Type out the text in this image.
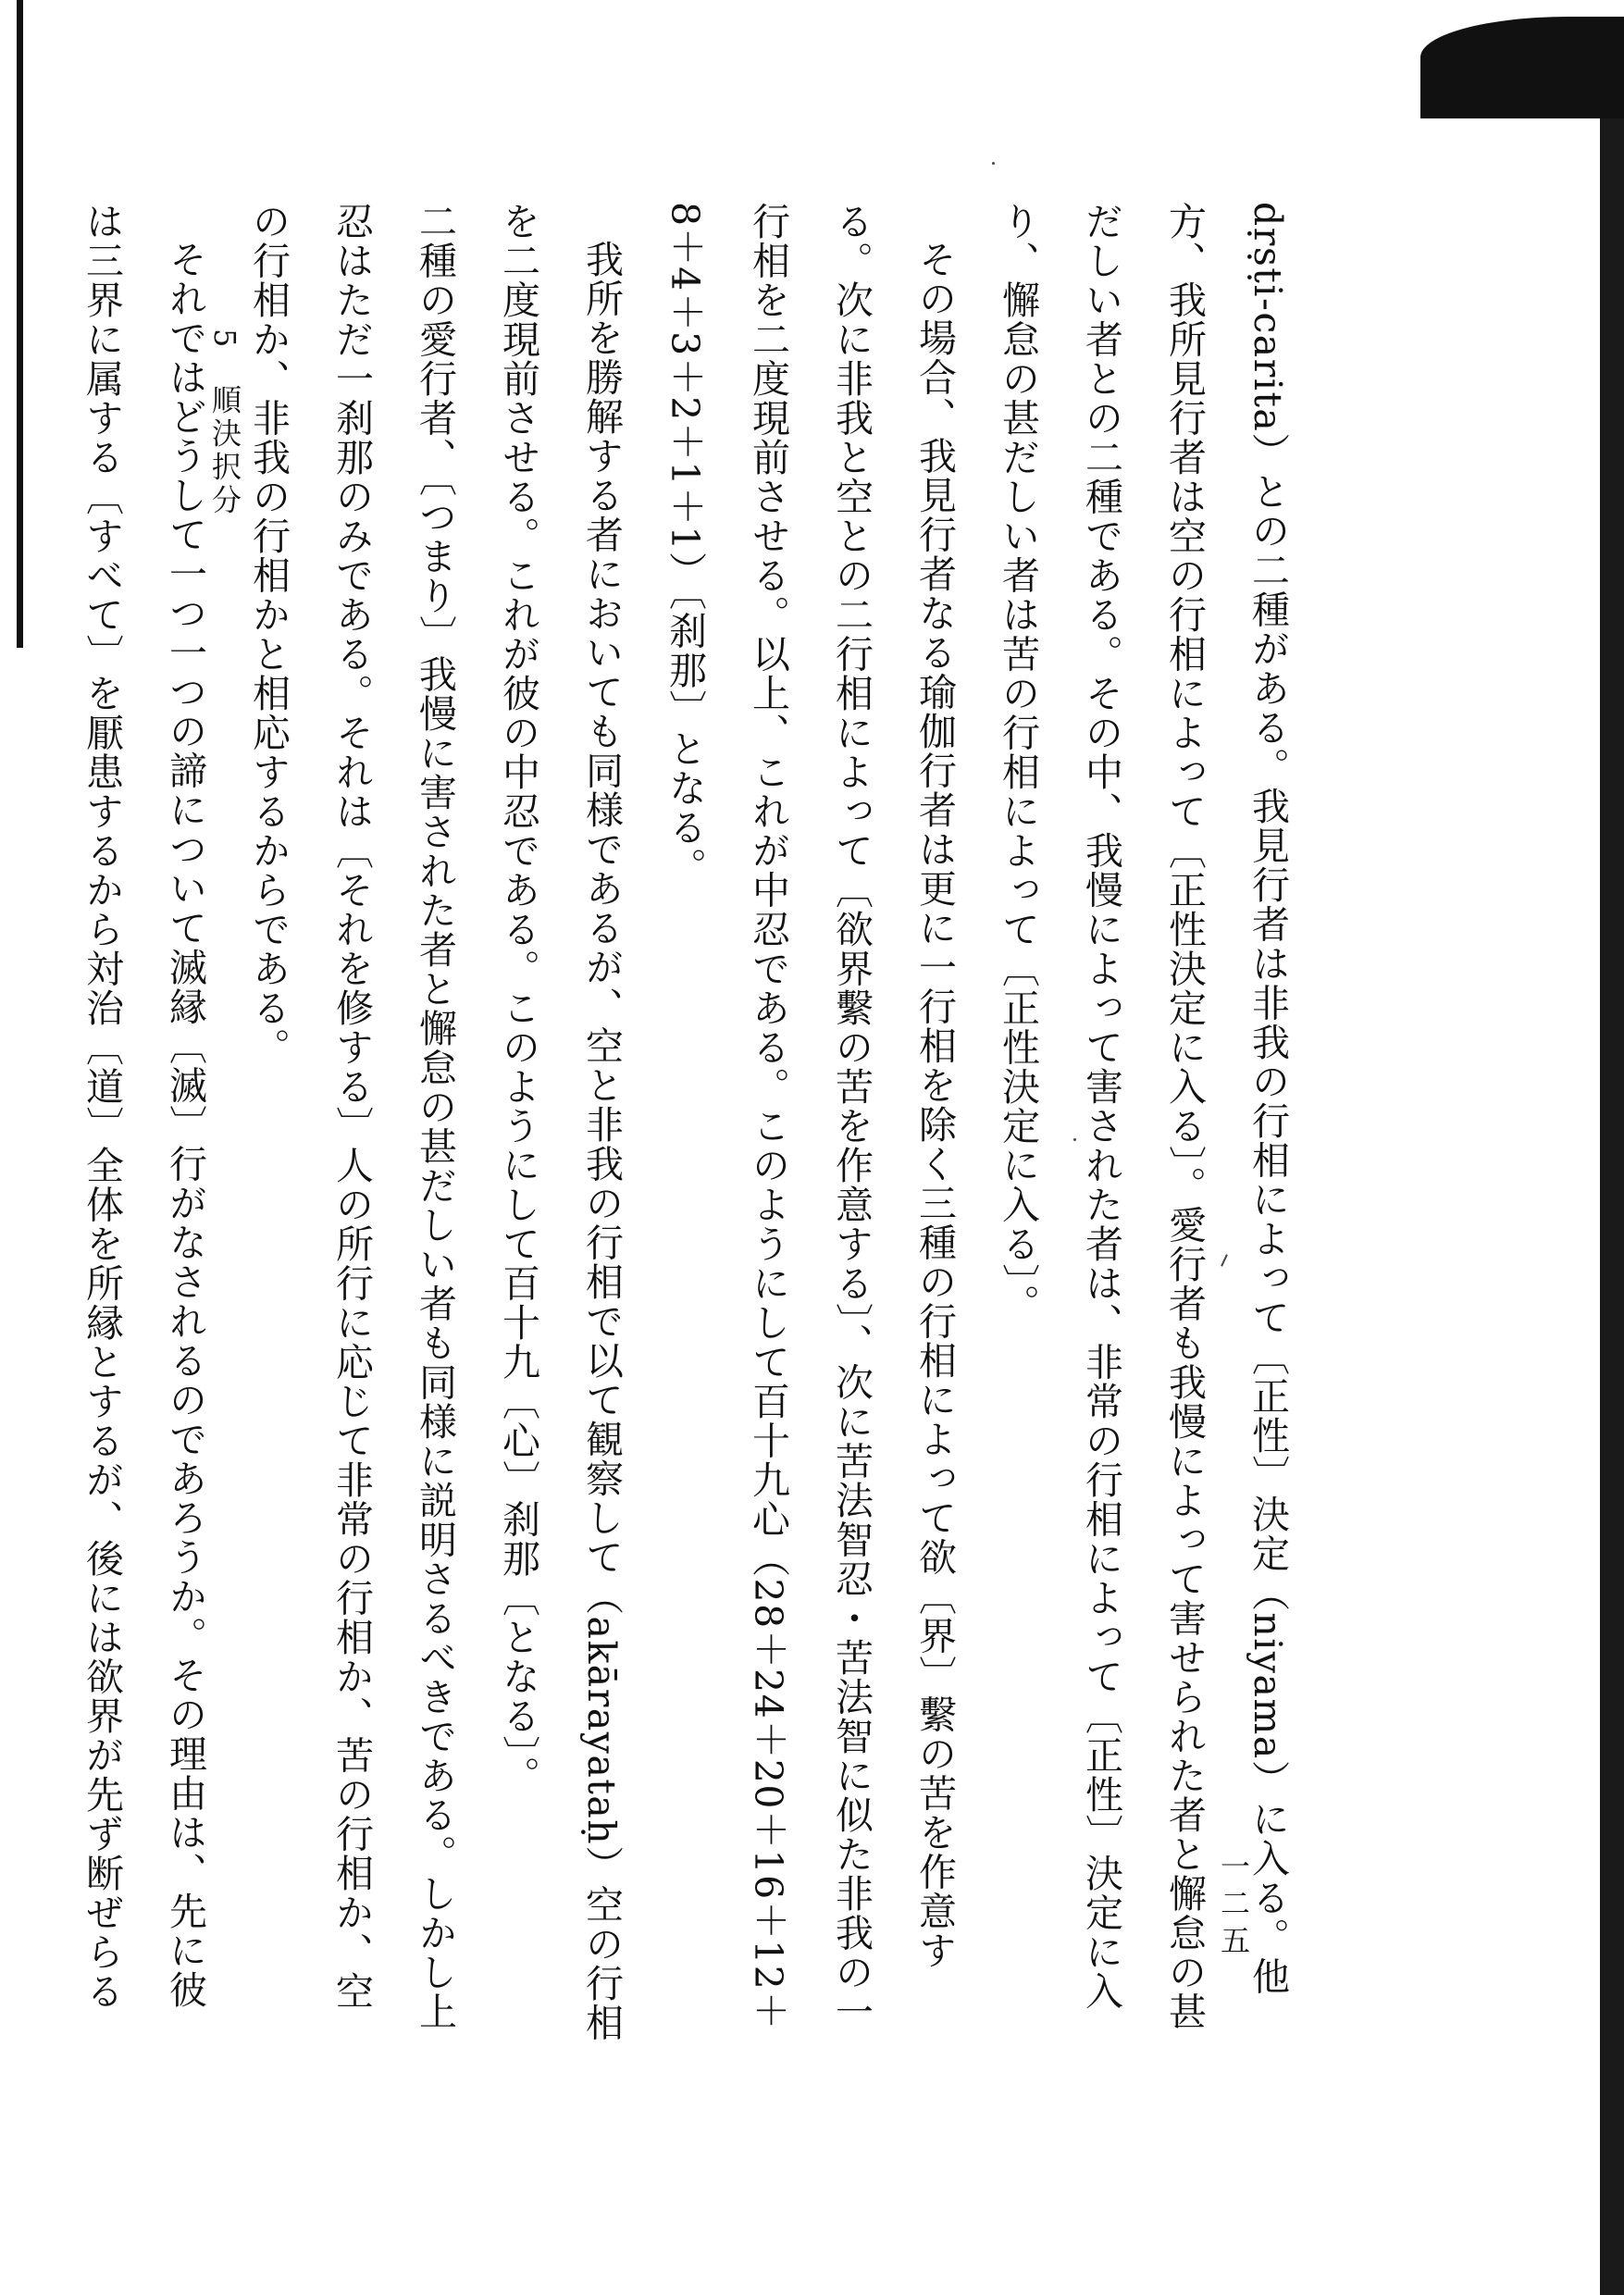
dṛṣṭi-carita）との二種がある。我見行者は非我の行相によって〔正性〕決定（niyama）に入る。他方、我所見行者は空の行相によって〔正性決定に入る〕。愛行者も我慢によって害せられた者と懈怠の甚だしい者との二種である。その中、我慢によって害された者は、非常の行相によって〔正性〕決定に入り、懈怠の甚だしい者は苦の行相によって〔正性決定に入る〕。

その場合、我見行者なる瑜伽行者は更に一行相を除く三種の行相によって欲〔界〕繫の苦を作意する。次に非我と空との二行相によって〔欲界繫の苦を作意する〕、次に苦法智忍・苦法智に似た非我の一行相を二度現前させる。以上、これが中忍である。このようにして百十九心（28＋24＋20＋16＋12＋8＋4＋3＋2＋1＋1）〔刹那〕となる。

我所を勝解する者においても同様であるが、空と非我の行相で以て観察して（akārayataḥ）空の行相を二度現前させる。これが彼の中忍である。このようにして百十九〔心〕刹那〔となる〕。

二種の愛行者、〔つまり〕我慢に害された者と懈怠の甚だしい者も同様に説明さるべきである。しかし上忍はただ一刹那のみである。それは〔それを修する〕人の所行に応じて非常の行相か、苦の行相か、空の行相か、非我の行相かと相応するからである。

それではどうして一つ一つの諦について滅縁〔滅〕行がなされるのであろうか。その理由は、先に彼は三界に属する〔すべて〕を厭患するから対治〔道〕全体を所縁とするが、後には欲界が先ず断ぜらる	5　順決択分
一二五
